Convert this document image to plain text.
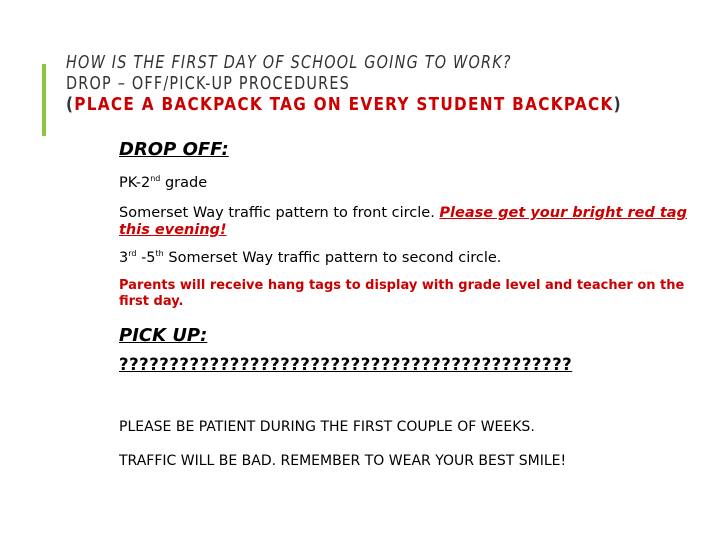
HOW IS THE FIRST DAY OF SCHOOL GOING TO WORK?
DROP – OFF/PICK-UP PROCEDURES
(PLACE A BACKPACK TAG ON EVERY STUDENT BACKPACK)

DROP OFF:

PK-2nd grade

Somerset Way traffic pattern to front circle. Please get your bright red tag this evening!

3rd -5th Somerset Way traffic pattern to second circle.

Parents will receive hang tags to display with grade level and teacher on the first day.

PICK UP:

?????????????????????????????????????????????

PLEASE BE PATIENT DURING THE FIRST COUPLE OF WEEKS.

TRAFFIC WILL BE BAD. REMEMBER TO WEAR YOUR BEST SMILE!
